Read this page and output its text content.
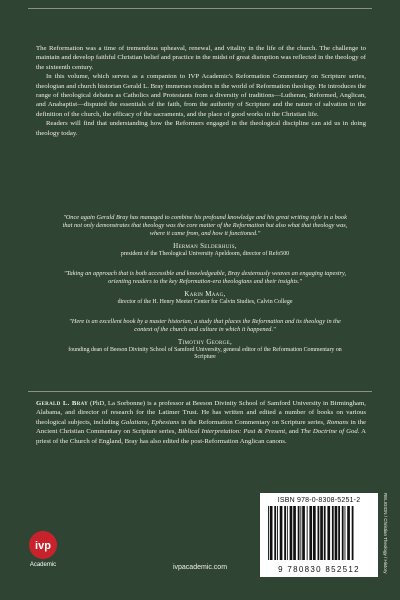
The Reformation was a time of tremendous upheaval, renewal, and vitality in the life of the church. The challenge to maintain and develop faithful Christian belief and practice in the midst of great disruption was reflected in the theology of the sixteenth century.

In this volume, which serves as a companion to IVP Academic's Reformation Commentary on Scripture series, theologian and church historian Gerald L. Bray immerses readers in the world of Reformation theology. He introduces the range of theological debates as Catholics and Protestants from a diversity of traditions—Lutheran, Reformed, Anglican, and Anabaptist—disputed the essentials of the faith, from the authority of Scripture and the nature of salvation to the definition of the church, the efficacy of the sacraments, and the place of good works in the Christian life.

Readers will find that understanding how the Reformers engaged in the theological discipline can aid us in doing theology today.

"Once again Gerald Bray has managed to combine his profound knowledge and his great writing style in a book that not only demonstrates that theology was the core matter of the Reformation but also what that theology was, where it came from, and how it functioned."

Herman Selderhuis,

president of the Theological University Apeldoorn, director of Refo500

"Taking an approach that is both accessible and knowledgeable, Bray dexterously weaves an engaging tapestry, orienting readers to the key Reformation-era theologians and their insights."

Karin Maag,

director of the H. Henry Meeter Center for Calvin Studies, Calvin College

"Here is an excellent book by a master historian, a study that places the Reformation and its theology in the context of the church and culture in which it happened."

Timothy George,

founding dean of Beeson Divinity School of Samford University, general editor of the Reformation Commentary on Scripture

Gerald L. Bray (PhD, La Sorbonne) is a professor at Beeson Divinity School of Samford University in Birmingham, Alabama, and director of research for the Latimer Trust. He has written and edited a number of books on various theological subjects, including Galatians, Ephesians in the Reformation Commentary on Scripture series, Romans in the Ancient Christian Commentary on Scripture series, Biblical Interpretation: Past & Present, and The Doctrine of God. A priest of the Church of England, Bray has also edited the post-Reformation Anglican canons.

ivp
Academic	ivpacademic.com
ISBN 978-0-8308-5251-2
9 780830 852512	RELIGION / Christian Theology / History
